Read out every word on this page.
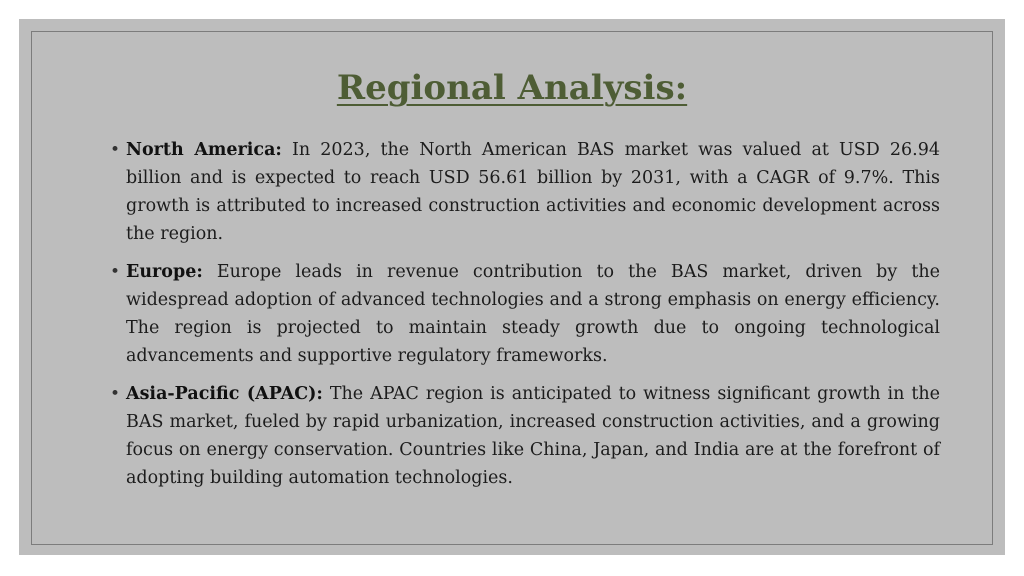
Regional Analysis:
• North America: In 2023, the North American BAS market was valued at USD 26.94 billion and is expected to reach USD 56.61 billion by 2031, with a CAGR of 9.7%. This growth is attributed to increased construction activities and economic development across the region.
• Europe: Europe leads in revenue contribution to the BAS market, driven by the widespread adoption of advanced technologies and a strong emphasis on energy efficiency. The region is projected to maintain steady growth due to ongoing technological advancements and supportive regulatory frameworks.
• Asia-Pacific (APAC): The APAC region is anticipated to witness significant growth in the BAS market, fueled by rapid urbanization, increased construction activities, and a growing focus on energy conservation. Countries like China, Japan, and India are at the forefront of adopting building automation technologies.
